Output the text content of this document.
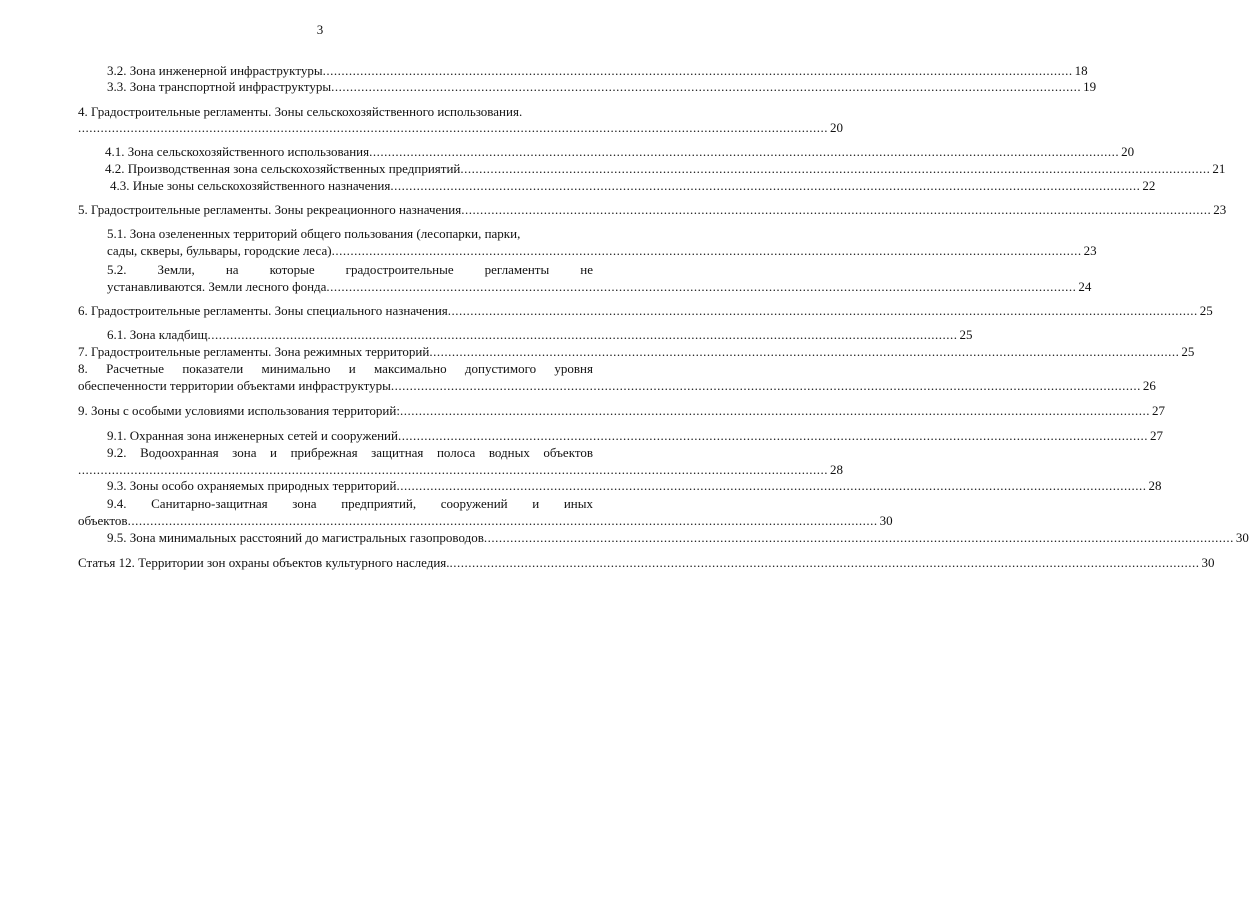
3
3.2. Зона инженерной инфраструктуры ........................................................................................................................................................................................................ 18
3.3. Зона транспортной инфраструктуры ........................................................................................................................................................................................................ 19
4. Градостроительные регламенты. Зоны сельскохозяйственного использования.
........................................................................................................................................................................................................ 20
4.1. Зона сельскохозяйственного использования ........................................................................................................................................................................................................ 20
4.2. Производственная зона сельскохозяйственных предприятий ........................................................................................................................................................................................................ 21
4.3. Иные зоны сельскохозяйственного назначения ........................................................................................................................................................................................................ 22
5. Градостроительные регламенты. Зоны рекреационного назначения ........................................................................................................................................................................................................ 23
5.1. Зона озелененных территорий общего пользования (лесопарки, парки,
сады, скверы, бульвары, городские леса) ........................................................................................................................................................................................................ 23
5.2. Земли, на которые градостроительные регламенты не
устанавливаются. Земли лесного фонда ........................................................................................................................................................................................................ 24
6. Градостроительные регламенты. Зоны специального назначения ........................................................................................................................................................................................................ 25
6.1. Зона кладбищ ........................................................................................................................................................................................................ 25
7. Градостроительные регламенты. Зона режимных территорий ........................................................................................................................................................................................................ 25
8. Расчетные показатели минимально и максимально допустимого уровня
обеспеченности территории объектами инфраструктуры ........................................................................................................................................................................................................ 26
9. Зоны с особыми условиями использования территорий: ........................................................................................................................................................................................................ 27
9.1. Охранная зона инженерных сетей и сооружений ........................................................................................................................................................................................................ 27
9.2. Водоохранная зона и прибрежная защитная полоса водных объектов
........................................................................................................................................................................................................ 28
9.3. Зоны особо охраняемых природных территорий ........................................................................................................................................................................................................ 28
9.4. Санитарно-защитная зона предприятий, сооружений и иных
объектов ........................................................................................................................................................................................................ 30
9.5. Зона минимальных расстояний до магистральных газопроводов ........................................................................................................................................................................................................ 30
Статья 12. Территории зон охраны объектов культурного наследия. ........................................................................................................................................................................................................ 30
